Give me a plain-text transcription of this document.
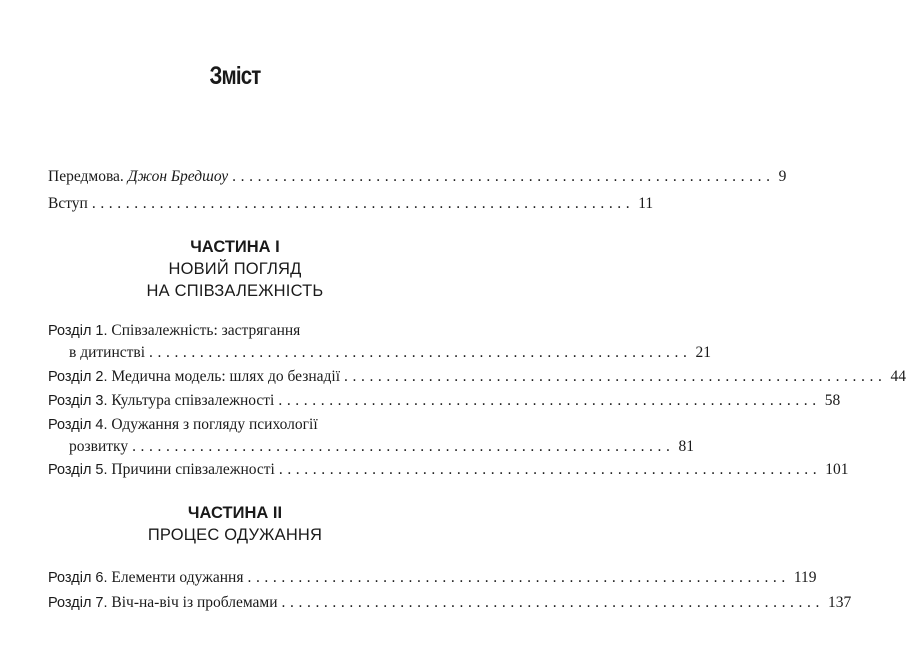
Зміст
Передмова. Джон Бредшоу ................................................................ 9
Вступ ................................................................ 11
ЧАСТИНА I
НОВИЙ ПОГЛЯД
НА СПІВЗАЛЕЖНІСТЬ
Розділ 1. Співзалежність: застрягання
в дитинстві ................................................................ 21
Розділ 2. Медична модель: шлях до безнадії ................................................................ 44
Розділ 3. Культура співзалежності ................................................................ 58
Розділ 4. Одужання з погляду психології
розвитку ................................................................ 81
Розділ 5. Причини співзалежності ................................................................ 101
ЧАСТИНА II
ПРОЦЕС ОДУЖАННЯ
Розділ 6. Елементи одужання ................................................................ 119
Розділ 7. Віч-на-віч із проблемами ................................................................ 137
